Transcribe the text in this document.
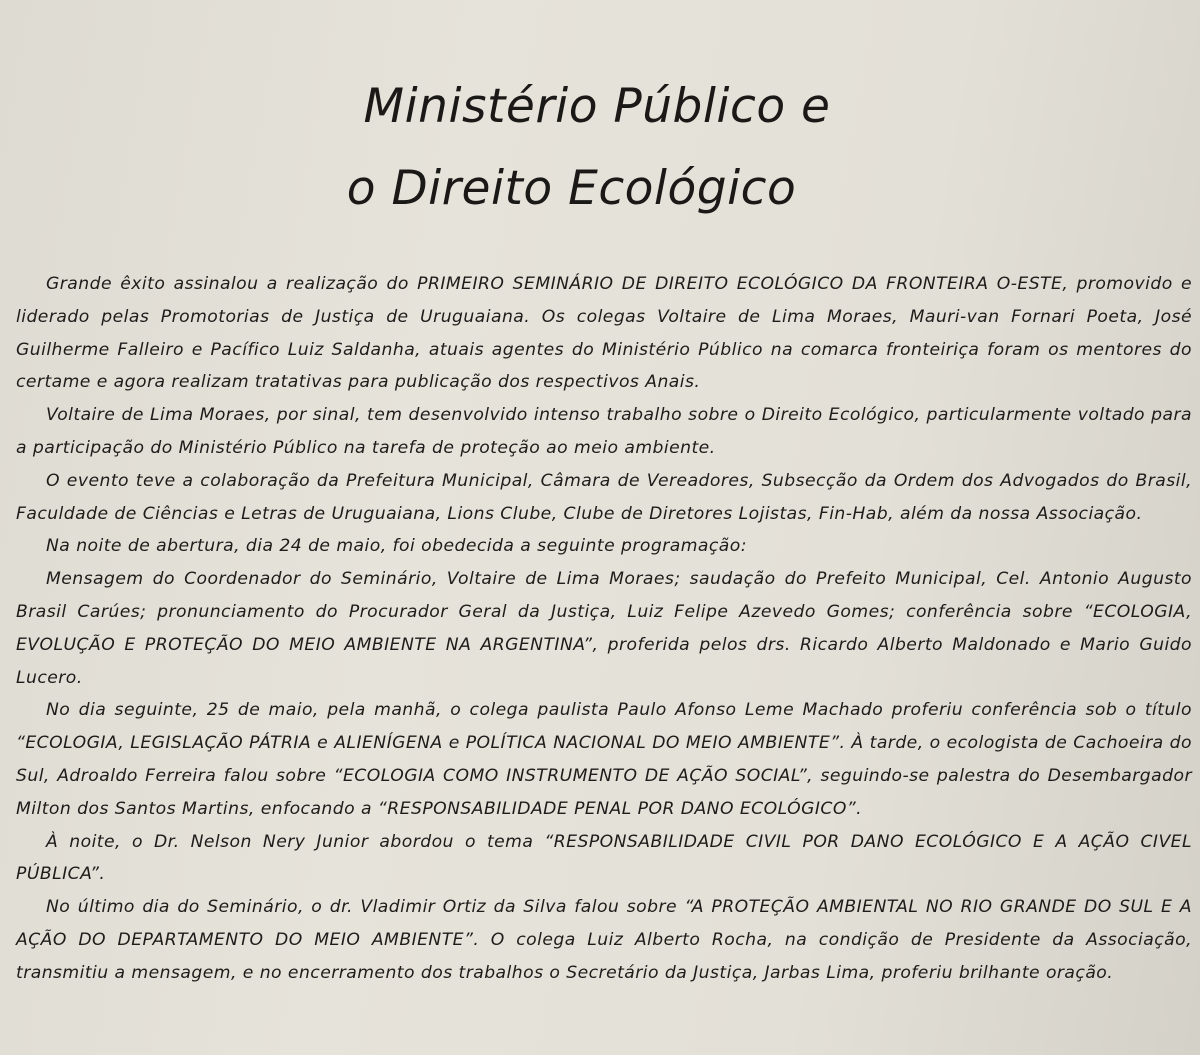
Ministério Público e
o Direito Ecológico

Grande êxito assinalou a realização do PRIMEIRO SEMINÁRIO DE DIREITO ECOLÓGICO DA FRONTEIRA O-ESTE, promovido e liderado pelas Promotorias de Justiça de Uruguaiana. Os colegas Voltaire de Lima Moraes, Mauri-van Fornari Poeta, José Guilherme Falleiro e Pacífico Luiz Saldanha, atuais agentes do Ministério Público na comarca fronteiriça foram os mentores do certame e agora realizam tratativas para publicação dos respectivos Anais.

Voltaire de Lima Moraes, por sinal, tem desenvolvido intenso trabalho sobre o Direito Ecológico, particularmente voltado para a participação do Ministério Público na tarefa de proteção ao meio ambiente.

O evento teve a colaboração da Prefeitura Municipal, Câmara de Vereadores, Subsecção da Ordem dos Advogados do Brasil, Faculdade de Ciências e Letras de Uruguaiana, Lions Clube, Clube de Diretores Lojistas, Fin-Hab, além da nossa Associação.

Na noite de abertura, dia 24 de maio, foi obedecida a seguinte programação:

Mensagem do Coordenador do Seminário, Voltaire de Lima Moraes; saudação do Prefeito Municipal, Cel. Antonio Augusto Brasil Carúes; pronunciamento do Procurador Geral da Justiça, Luiz Felipe Azevedo Gomes; conferência sobre “ECOLOGIA, EVOLUÇÃO E PROTEÇÃO DO MEIO AMBIENTE NA ARGENTINA”, proferida pelos drs. Ricardo Alberto Maldonado e Mario Guido Lucero.

No dia seguinte, 25 de maio, pela manhã, o colega paulista Paulo Afonso Leme Machado proferiu conferência sob o título “ECOLOGIA, LEGISLAÇÃO PÁTRIA e ALIENÍGENA e POLÍTICA NACIONAL DO MEIO AMBIENTE”. À tarde, o ecologista de Cachoeira do Sul, Adroaldo Ferreira falou sobre “ECOLOGIA COMO INSTRUMENTO DE AÇÃO SOCIAL”, seguindo-se palestra do Desembargador Milton dos Santos Martins, enfocando a “RESPONSABILIDADE PENAL POR DANO ECOLÓGICO”.

À noite, o Dr. Nelson Nery Junior abordou o tema “RESPONSABILIDADE CIVIL POR DANO ECOLÓGICO E A AÇÃO CIVEL PÚBLICA”.

No último dia do Seminário, o dr. Vladimir Ortiz da Silva falou sobre “A PROTEÇÃO AMBIENTAL NO RIO GRANDE DO SUL E A AÇÃO DO DEPARTAMENTO DO MEIO AMBIENTE”. O colega Luiz Alberto Rocha, na condição de Presidente da Associação, transmitiu a mensagem, e no encerramento dos trabalhos o Secretário da Justiça, Jarbas Lima, proferiu brilhante oração.
